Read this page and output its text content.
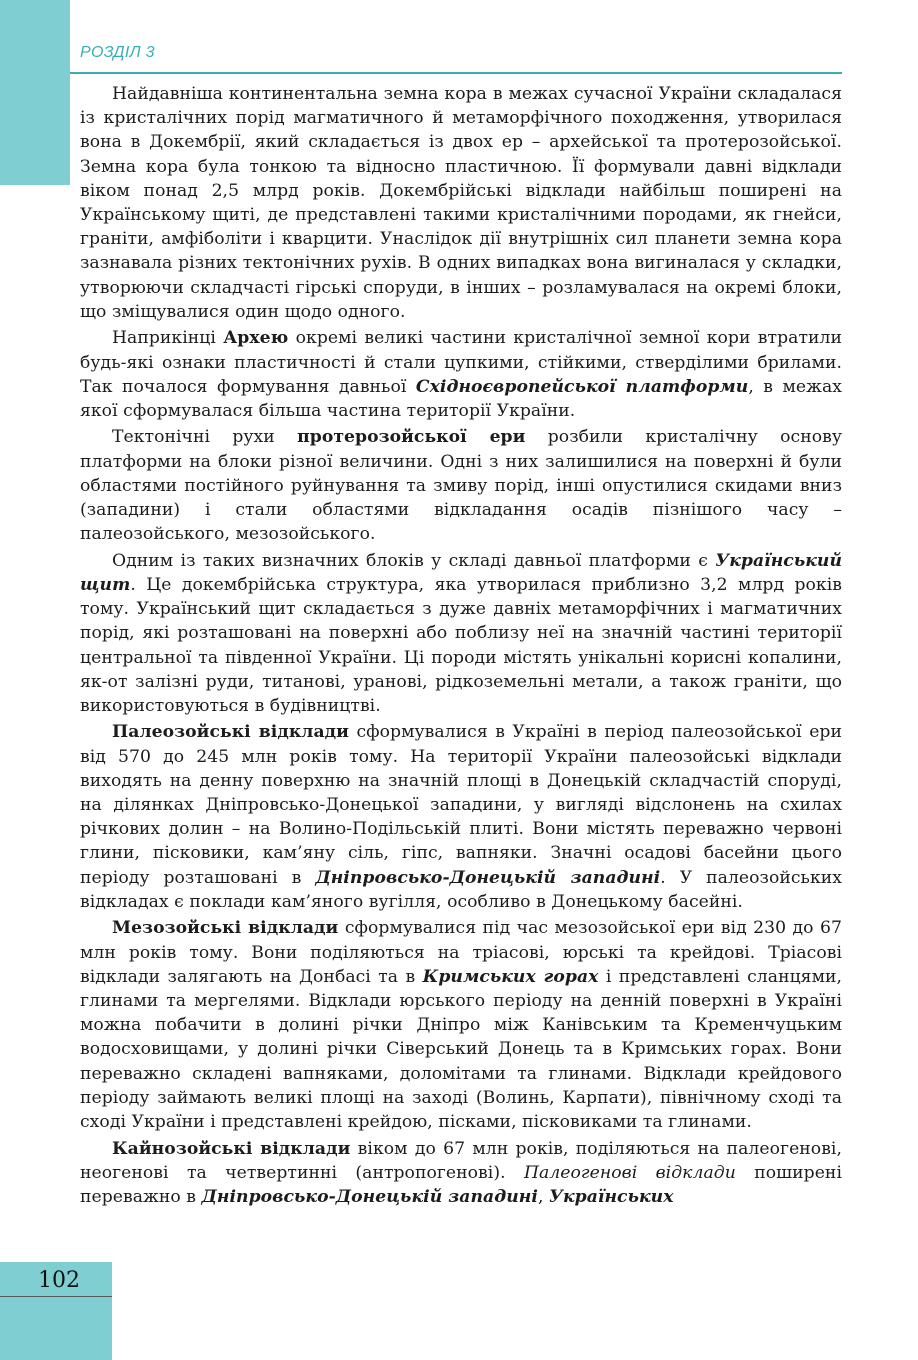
РОЗДІЛ 3

Найдавніша континентальна земна кора в межах сучасної України складалася із кристалічних порід магматичного й метаморфічного походження, утворилася вона в Докембрії, який складається із двох ер – архейської та протерозойської. Земна кора була тонкою та відносно пластичною. Її формували давні відклади віком понад 2,5 млрд років. Докембрійські відклади найбільш поширені на Українському щиті, де представлені такими кристалічними породами, як гнейси, граніти, амфіболіти і кварцити. Унаслідок дії внутрішніх сил планети земна кора зазнавала різних тектонічних рухів. В одних випадках вона вигиналася у складки, утворюючи складчасті гірські споруди, в інших – розламувалася на окремі блоки, що зміщувалися один щодо одного.

Наприкінці Архею окремі великі частини кристалічної земної кори втратили будь-які ознаки пластичності й стали цупкими, стійкими, стверділими брилами. Так почалося формування давньої Східноєвропейської платформи, в межах якої сформувалася більша частина території України.

Тектонічні рухи протерозойської ери розбили кристалічну основу платформи на блоки різної величини. Одні з них залишилися на поверхні й були областями постійного руйнування та змиву порід, інші опустилися скидами вниз (западини) і стали областями відкладання осадів пізнішого часу – палеозойського, мезозойського.

Одним із таких визначних блоків у складі давньої платформи є Український щит. Це докембрійська структура, яка утворилася приблизно 3,2 млрд років тому. Український щит складається з дуже давніх метаморфічних і магматичних порід, які розташовані на поверхні або поблизу неї на значній частині території центральної та південної України. Ці породи містять унікальні корисні копалини, як-от залізні руди, титанові, уранові, рідкоземельні метали, а також граніти, що використовуються в будівництві.

Палеозойські відклади сформувалися в Україні в період палеозойської ери від 570 до 245 млн років тому. На території України палеозойські відклади виходять на денну поверхню на значній площі в Донецькій складчастій споруді, на ділянках Дніпровсько-Донецької западини, у вигляді відслонень на схилах річкових долин – на Волино-Подільській плиті. Вони містять переважно червоні глини, пісковики, кам’яну сіль, гіпс, вапняки. Значні осадові басейни цього періоду розташовані в Дніпровсько-Донецькій западині. У палеозойських відкладах є поклади кам’яного вугілля, особливо в Донецькому басейні.

Мезозойські відклади сформувалися під час мезозойської ери від 230 до 67 млн років тому. Вони поділяються на тріасові, юрські та крейдові. Тріасові відклади залягають на Донбасі та в Кримських горах і представлені сланцями, глинами та мергелями. Відклади юрського періоду на денній поверхні в Україні можна побачити в долині річки Дніпро між Канівським та Кременчуцьким водосховищами, у долині річки Сіверський Донець та в Кримських горах. Вони переважно складені вапняками, доломітами та глинами. Відклади крейдового періоду займають великі площі на заході (Волинь, Карпати), північному сході та сході України і представлені крейдою, пісками, пісковиками та глинами.

Кайнозойські відклади віком до 67 млн років, поділяються на палеогенові, неогенові та четвертинні (антропогенові). Палеогенові відклади поширені переважно в Дніпровсько-Донецькій западині, Українських

102
